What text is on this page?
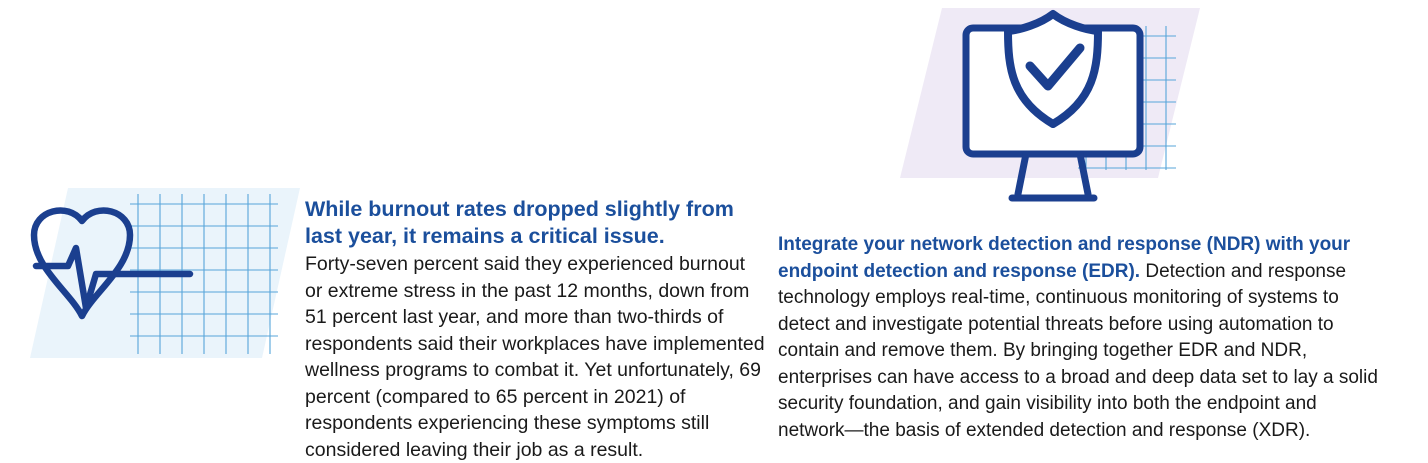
While burnout rates dropped slightly from last year, it remains a critical issue.

Forty-seven percent said they experienced burnout or extreme stress in the past 12 months, down from 51 percent last year, and more than two-thirds of respondents said their workplaces have implemented wellness programs to combat it. Yet unfortunately, 69 percent (compared to 65 percent in 2021) of respondents experiencing these symptoms still considered leaving their job as a result.

Integrate your network detection and response (NDR) with your endpoint detection and response (EDR). Detection and response technology employs real-time, continuous monitoring of systems to detect and investigate potential threats before using automation to contain and remove them. By bringing together EDR and NDR, enterprises can have access to a broad and deep data set to lay a solid security foundation, and gain visibility into both the endpoint and network—the basis of extended detection and response (XDR).
